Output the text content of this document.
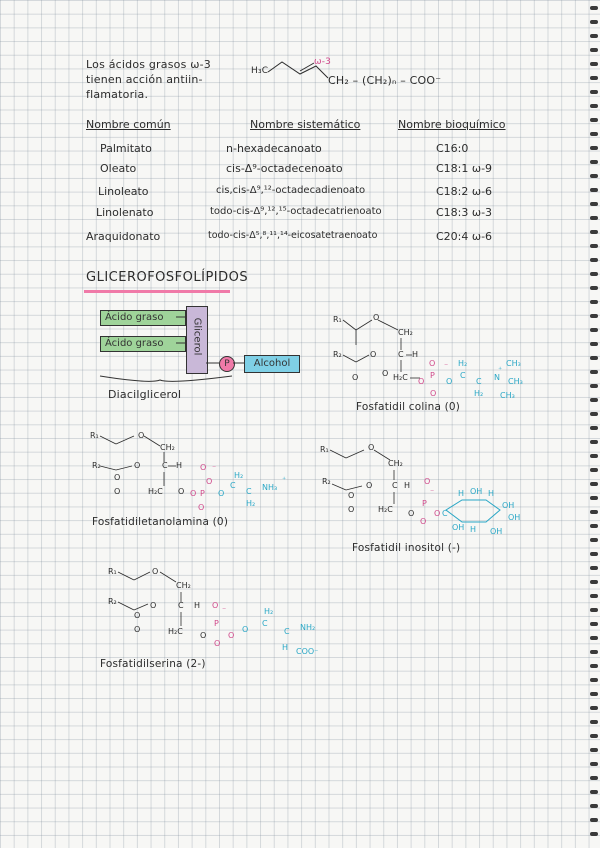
Los ácidos grasos ω-3
tienen acción antiin-
flamatoria.
H₃C
ω-3
CH₂ – (CH₂)ₙ – COO⁻
Nombre común	Nombre sistemático	Nombre bioquímico
Palmitato	n-hexadecanoato	C16:0
Oleato	cis-Δ⁹-octadecenoato	C18:1 ω-9
Linoleato	cis,cis-Δ⁹,¹²-octadecadienoato	C18:2 ω-6
Linolenato	todo-cis-Δ⁹,¹²,¹⁵-octadecatrienoato	C18:3 ω-3
Araquidonato	todo-cis-Δ⁵,⁸,¹¹,¹⁴-eicosatetraenoato	C20:4 ω-6
GLICEROFOSFOLÍPIDOS
Ácido graso
Ácido graso	Glicerol
P	Alcohol
Diacilglicerol
R₁	O
CH₂
R₂	O	C H
H₂C
O
O	O
P
O ⁻
O
O
C
H₂
C
H₂
N
CH₃
CH₃
CH₃
⁺
R₁	O
CH₂
R₂	O	C H
H₂C O
O
O	P
O ⁻
O
O
O	O
C
H₂
C
H₂
NH₃
⁺
R₁	O
CH₂
R₂	O C H
H₂C O
O
O
P
O
⁻
O
O
H OH H
OH
OH
OH
H
OH
C
R₁	O
CH₂
R₂	O	C H
H₂C O
O
O
P
O ⁻
O
O
O
C
H₂
C NH₂
H COO⁻
Fosfatidil colina (0)
Fosfatidiletanolamina (0)
Fosfatidil inositol (-)
Fosfatidilserina (2-)
